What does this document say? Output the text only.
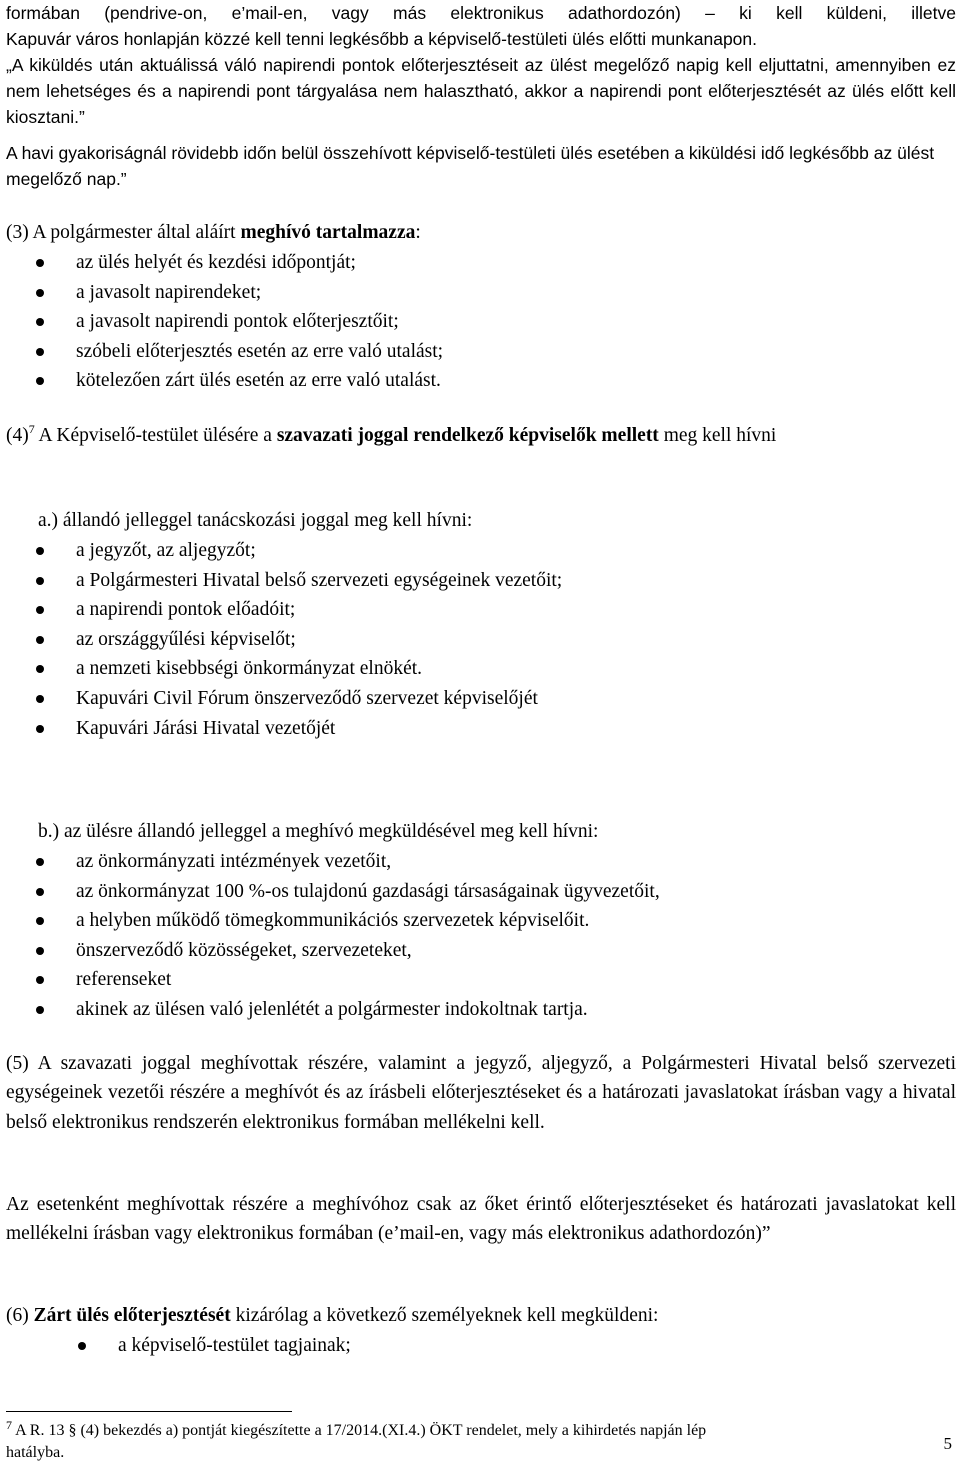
formában (pendrive-on, e’mail-en, vagy más elektronikus adathordozón) – ki kell küldeni, illetve
Kapuvár város honlapján közzé kell tenni legkésőbb a képviselő-testületi ülés előtti munkanapon.

„A kiküldés után aktuálissá váló napirendi pontok előterjesztéseit az ülést megelőző napig kell eljuttatni, amennyiben ez nem lehetséges és a napirendi pont tárgyalása nem halasztható, akkor a napirendi pont előterjesztését az ülés előtt kell kiosztani.”

A havi gyakoriságnál rövidebb időn belül összehívott képviselő-testületi ülés esetében a kiküldési idő legkésőbb az ülést megelőző nap.”

(3) A polgármester által aláírt meghívó tartalmazza:

az ülés helyét és kezdési időpontját;
a javasolt napirendeket;
a javasolt napirendi pontok előterjesztőit;
szóbeli előterjesztés esetén az erre való utalást;
kötelezően zárt ülés esetén az erre való utalást.

$(4)^7$ A Képviselő-testület ülésére a szavazati joggal rendelkező képviselők mellett meg kell hívni

a.) állandó jelleggel tanácskozási joggal meg kell hívni:

a jegyzőt, az aljegyzőt;
a Polgármesteri Hivatal belső szervezeti egységeinek vezetőit;
a napirendi pontok előadóit;
az országgyűlési képviselőt;
a nemzeti kisebbségi önkormányzat elnökét.
Kapuvári Civil Fórum önszerveződő szervezet képviselőjét
Kapuvári Járási Hivatal vezetőjét

b.) az ülésre állandó jelleggel a meghívó megküldésével meg kell hívni:

az önkormányzati intézmények vezetőit,
az önkormányzat 100 %-os tulajdonú gazdasági társaságainak ügyvezetőit,
a helyben működő tömegkommunikációs szervezetek képviselőit.
önszerveződő közösségeket, szervezeteket,
referenseket
akinek az ülésen való jelenlétét a polgármester indokoltnak tartja.

(5) A szavazati joggal meghívottak részére, valamint a jegyző, aljegyző, a Polgármesteri Hivatal belső szervezeti egységeinek vezetői részére a meghívót és az írásbeli előterjesztéseket és a határozati javaslatokat írásban vagy a hivatal belső elektronikus rendszerén elektronikus formában mellékelni kell.

Az esetenként meghívottak részére a meghívóhoz csak az őket érintő előterjesztéseket és határozati javaslatokat kell mellékelni írásban vagy elektronikus formában (e’mail-en, vagy más elektronikus adathordozón)”

(6) Zárt ülés előterjesztését kizárólag a következő személyeknek kell megküldeni:

a képviselő-testület tagjainak;
$^7$ A R. 13 § (4) bekezdés a) pontját kiegészítette a 17/2014.(XI.4.) ÖKT rendelet, mely a kihirdetés napján lép
hatályba.	5
